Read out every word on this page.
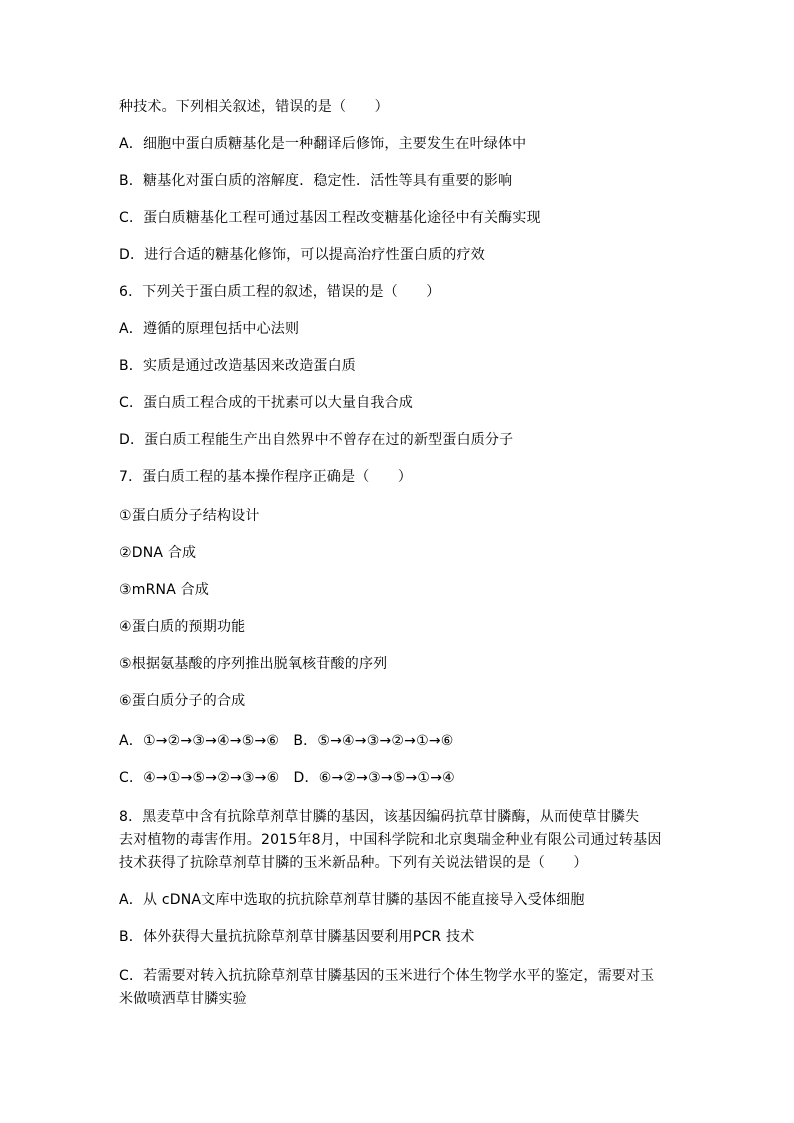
种技术。下列相关叙述，错误的是（　　）
A．细胞中蛋白质糖基化是一种翻译后修饰，主要发生在叶绿体中
B．糖基化对蛋白质的溶解度．稳定性．活性等具有重要的影响
C．蛋白质糖基化工程可通过基因工程改变糖基化途径中有关酶实现
D．进行合适的糖基化修饰，可以提高治疗性蛋白质的疗效
6．下列关于蛋白质工程的叙述，错误的是（　　）
A．遵循的原理包括中心法则
B．实质是通过改造基因来改造蛋白质
C．蛋白质工程合成的干扰素可以大量自我合成
D．蛋白质工程能生产出自然界中不曾存在过的新型蛋白质分子
7．蛋白质工程的基本操作程序正确是（　　）
①蛋白质分子结构设计
②DNA 合成
③mRNA 合成
④蛋白质的预期功能
⑤根据氨基酸的序列推出脱氧核苷酸的序列
⑥蛋白质分子的合成
A．①→②→③→④→⑤→⑥　B．⑤→④→③→②→①→⑥
C．④→①→⑤→②→③→⑥　D．⑥→②→③→⑤→①→④
8．黑麦草中含有抗除草剂草甘膦的基因，该基因编码抗草甘膦酶，从而使草甘膦失
去对植物的毒害作用。2015年8月，中国科学院和北京奥瑞金种业有限公司通过转基因
技术获得了抗除草剂草甘膦的玉米新品种。下列有关说法错误的是（　　）
A．从 cDNA文库中选取的抗抗除草剂草甘膦的基因不能直接导入受体细胞
B．体外获得大量抗抗除草剂草甘膦基因要利用PCR 技术
C．若需要对转入抗抗除草剂草甘膦基因的玉米进行个体生物学水平的鉴定，需要对玉
米做喷洒草甘膦实验
